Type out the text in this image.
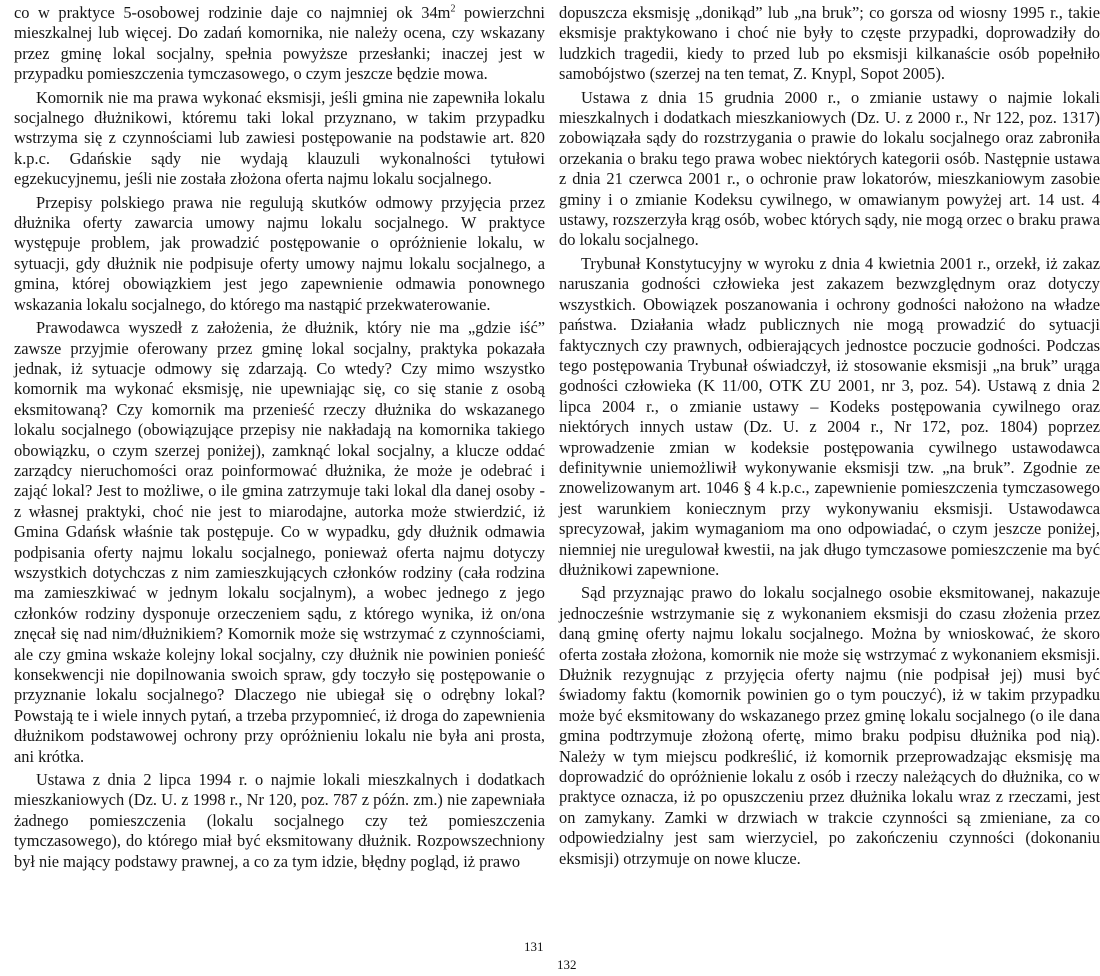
co w praktyce 5-osobowej rodzinie daje co najmniej ok $34m^2$ powierzchni mieszkalnej lub więcej. Do zadań komornika, nie należy ocena, czy wskazany przez gminę lokal socjalny, spełnia powyższe przesłanki; inaczej jest w przypadku pomieszczenia tymczasowego, o czym jeszcze będzie mowa.

Komornik nie ma prawa wykonać eksmisji, jeśli gmina nie zapewniła lokalu socjalnego dłużnikowi, któremu taki lokal przyznano, w takim przypadku wstrzyma się z czynnościami lub zawiesi postępowanie na podstawie art. 820 k.p.c. Gdańskie sądy nie wydają klauzuli wykonalności tytułowi egzekucyjnemu, jeśli nie została złożona oferta najmu lokalu socjalnego.

Przepisy polskiego prawa nie regulują skutków odmowy przyjęcia przez dłużnika oferty zawarcia umowy najmu lokalu socjalnego. W praktyce występuje problem, jak prowadzić postępowanie o opróżnienie lokalu, w sytuacji, gdy dłużnik nie podpisuje oferty umowy najmu lokalu socjalnego, a gmina, której obowiązkiem jest jego zapewnienie odmawia ponownego wskazania lokalu socjalnego, do którego ma nastąpić przekwaterowanie.

Prawodawca wyszedł z założenia, że dłużnik, który nie ma „gdzie iść” zawsze przyjmie oferowany przez gminę lokal socjalny, praktyka pokazała jednak, iż sytuacje odmowy się zdarzają. Co wtedy? Czy mimo wszystko komornik ma wykonać eksmisję, nie upewniając się, co się stanie z osobą eksmitowaną? Czy komornik ma przenieść rzeczy dłużnika do wskazanego lokalu socjalnego (obowiązujące przepisy nie nakładają na komornika takiego obowiązku, o czym szerzej poniżej), zamknąć lokal socjalny, a klucze oddać zarządcy nieruchomości oraz poinformować dłużnika, że może je odebrać i zająć lokal? Jest to możliwe, o ile gmina zatrzymuje taki lokal dla danej osoby - z własnej praktyki, choć nie jest to miarodajne, autorka może stwierdzić, iż Gmina Gdańsk właśnie tak postępuje. Co w wypadku, gdy dłużnik odmawia podpisania oferty najmu lokalu socjalnego, ponieważ oferta najmu dotyczy wszystkich dotychczas z nim zamieszkujących członków rodziny (cała rodzina ma zamieszkiwać w jednym lokalu socjalnym), a wobec jednego z jego członków rodziny dysponuje orzeczeniem sądu, z którego wynika, iż on/ona znęcał się nad nim/dłużnikiem? Komornik może się wstrzymać z czynnościami, ale czy gmina wskaże kolejny lokal socjalny, czy dłużnik nie powinien ponieść konsekwencji nie dopilnowania swoich spraw, gdy toczyło się postępowanie o przyznanie lokalu socjalnego? Dlaczego nie ubiegał się o odrębny lokal? Powstają te i wiele innych pytań, a trzeba przypomnieć, iż droga do zapewnienia dłużnikom podstawowej ochrony przy opróżnieniu lokalu nie była ani prosta, ani krótka.

Ustawa z dnia 2 lipca 1994 r. o najmie lokali mieszkalnych i dodatkach mieszkaniowych (Dz. U. z 1998 r., Nr 120, poz. 787 z późn. zm.) nie zapewniała żadnego pomieszczenia (lokalu socjalnego czy też pomieszczenia tymczasowego), do którego miał być eksmitowany dłużnik. Rozpowszechniony był nie mający podstawy prawnej, a co za tym idzie, błędny pogląd, iż prawo

dopuszcza eksmisję „donikąd” lub „na bruk”; co gorsza od wiosny 1995 r., takie eksmisje praktykowano i choć nie były to częste przypadki, doprowadziły do ludzkich tragedii, kiedy to przed lub po eksmisji kilkanaście osób popełniło samobójstwo (szerzej na ten temat, Z. Knypl, Sopot 2005).

Ustawa z dnia 15 grudnia 2000 r., o zmianie ustawy o najmie lokali mieszkalnych i dodatkach mieszkaniowych (Dz. U. z 2000 r., Nr 122, poz. 1317) zobowiązała sądy do rozstrzygania o prawie do lokalu socjalnego oraz zabroniła orzekania o braku tego prawa wobec niektórych kategorii osób. Następnie ustawa z dnia 21 czerwca 2001 r., o ochronie praw lokatorów, mieszkaniowym zasobie gminy i o zmianie Kodeksu cywilnego, w omawianym powyżej art. 14 ust. 4 ustawy, rozszerzyła krąg osób, wobec których sądy, nie mogą orzec o braku prawa do lokalu socjalnego.

Trybunał Konstytucyjny w wyroku z dnia 4 kwietnia 2001 r., orzekł, iż zakaz naruszania godności człowieka jest zakazem bezwzględnym oraz dotyczy wszystkich. Obowiązek poszanowania i ochrony godności nałożono na władze państwa. Działania władz publicznych nie mogą prowadzić do sytuacji faktycznych czy prawnych, odbierających jednostce poczucie godności. Podczas tego postępowania Trybunał oświadczył, iż stosowanie eksmisji „na bruk” urąga godności człowieka (K 11/00, OTK ZU 2001, nr 3, poz. 54). Ustawą z dnia 2 lipca 2004 r., o zmianie ustawy – Kodeks postępowania cywilnego oraz niektórych innych ustaw (Dz. U. z 2004 r., Nr 172, poz. 1804) poprzez wprowadzenie zmian w kodeksie postępowania cywilnego ustawodawca definitywnie uniemożliwił wykonywanie eksmisji tzw. „na bruk”. Zgodnie ze znowelizowanym art. 1046 § 4 k.p.c., zapewnienie pomieszczenia tymczasowego jest warunkiem koniecznym przy wykonywaniu eksmisji. Ustawodawca sprecyzował, jakim wymaganiom ma ono odpowiadać, o czym jeszcze poniżej, niemniej nie uregulował kwestii, na jak długo tymczasowe pomieszczenie ma być dłużnikowi zapewnione.

Sąd przyznając prawo do lokalu socjalnego osobie eksmitowanej, nakazuje jednocześnie wstrzymanie się z wykonaniem eksmisji do czasu złożenia przez daną gminę oferty najmu lokalu socjalnego. Można by wnioskować, że skoro oferta została złożona, komornik nie może się wstrzymać z wykonaniem eksmisji. Dłużnik rezygnując z przyjęcia oferty najmu (nie podpisał jej) musi być świadomy faktu (komornik powinien go o tym pouczyć), iż w takim przypadku może być eksmitowany do wskazanego przez gminę lokalu socjalnego (o ile dana gmina podtrzymuje złożoną ofertę, mimo braku podpisu dłużnika pod nią). Należy w tym miejscu podkreślić, iż komornik przeprowadzając eksmisję ma doprowadzić do opróżnienie lokalu z osób i rzeczy należących do dłużnika, co w praktyce oznacza, iż po opuszczeniu przez dłużnika lokalu wraz z rzeczami, jest on zamykany. Zamki w drzwiach w trakcie czynności są zmieniane, za co odpowiedzialny jest sam wierzyciel, po zakończeniu czynności (dokonaniu eksmisji) otrzymuje on nowe klucze.

131
132
